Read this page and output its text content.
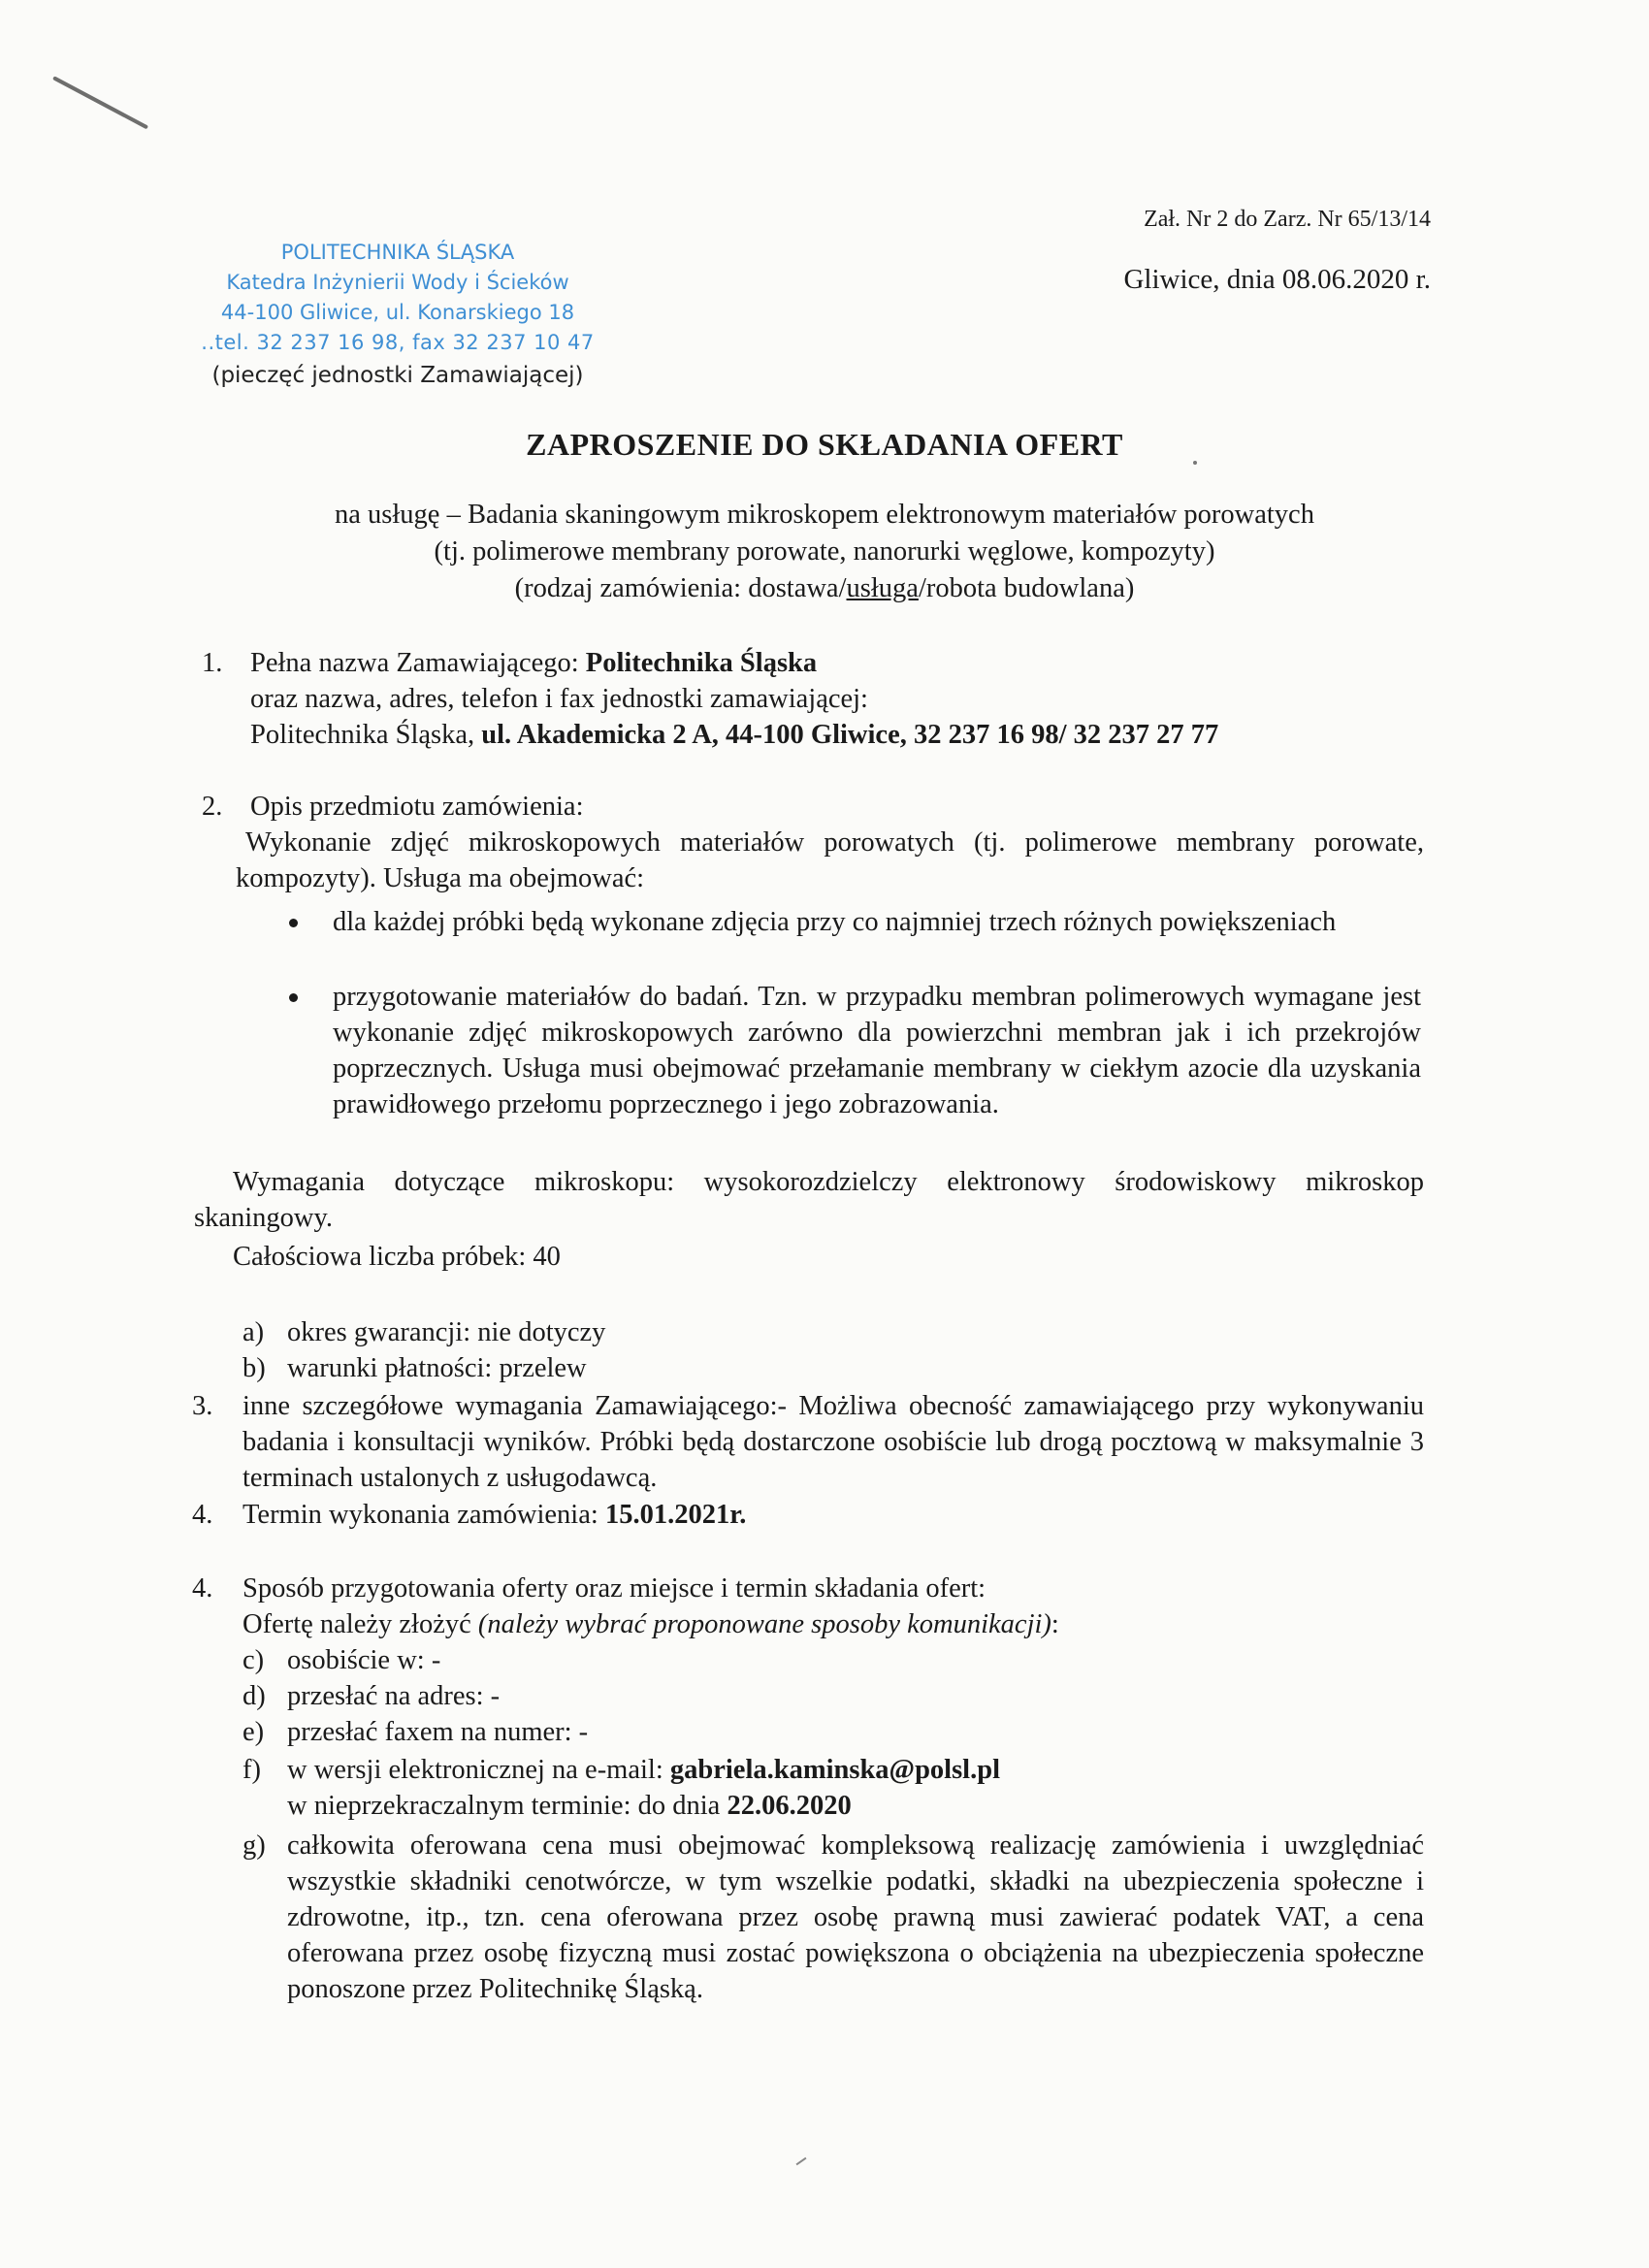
POLITECHNIKA ŚLĄSKA
Katedra Inżynierii Wody i Ścieków
44-100 Gliwice, ul. Konarskiego 18
..tel. 32 237 16 98, fax 32 237 10 47
(pieczęć jednostki Zamawiającej)
Zał. Nr 2 do Zarz. Nr 65/13/14
Gliwice, dnia 08.06.2020 r.
ZAPROSZENIE DO SKŁADANIA OFERT
na usługę – Badania skaningowym mikroskopem elektronowym materiałów porowatych
(tj. polimerowe membrany porowate, nanorurki węglowe, kompozyty)
(rodzaj zamówienia: dostawa/usługa/robota budowlana)
1. Pełna nazwa Zamawiającego: Politechnika Śląska
oraz nazwa, adres, telefon i fax jednostki zamawiającej:
Politechnika Śląska, ul. Akademicka 2 A, 44-100 Gliwice, 32 237 16 98/ 32 237 27 77
2. Opis przedmiotu zamówienia:
Wykonanie zdjęć mikroskopowych materiałów porowatych (tj. polimerowe membrany porowate, kompozyty). Usługa ma obejmować:
dla każdej próbki będą wykonane zdjęcia przy co najmniej trzech różnych powiększeniach
przygotowanie materiałów do badań. Tzn. w przypadku membran polimerowych wymagane jest wykonanie zdjęć mikroskopowych zarówno dla powierzchni membran jak i ich przekrojów poprzecznych. Usługa musi obejmować przełamanie membrany w ciekłym azocie dla uzyskania prawidłowego przełomu poprzecznego i jego zobrazowania.
Wymagania dotyczące mikroskopu: wysokorozdzielczy elektronowy środowiskowy mikroskop skaningowy.
Całościowa liczba próbek: 40
a) okres gwarancji: nie dotyczy
b) warunki płatności: przelew
3. inne szczegółowe wymagania Zamawiającego:- Możliwa obecność zamawiającego przy wykonywaniu badania i konsultacji wyników. Próbki będą dostarczone osobiście lub drogą pocztową w maksymalnie 3 terminach ustalonych z usługodawcą.
4. Termin wykonania zamówienia: 15.01.2021r.
4. Sposób przygotowania oferty oraz miejsce i termin składania ofert:
Ofertę należy złożyć (należy wybrać proponowane sposoby komunikacji):
c) osobiście w: -
d) przesłać na adres: -
e) przesłać faxem na numer: -
f) w wersji elektronicznej na e-mail: gabriela.kaminska@polsl.pl
w nieprzekraczalnym terminie: do dnia 22.06.2020
g) całkowita oferowana cena musi obejmować kompleksową realizację zamówienia i uwzględniać wszystkie składniki cenotwórcze, w tym wszelkie podatki, składki na ubezpieczenia społeczne i zdrowotne, itp., tzn. cena oferowana przez osobę prawną musi zawierać podatek VAT, a cena oferowana przez osobę fizyczną musi zostać powiększona o obciążenia na ubezpieczenia społeczne ponoszone przez Politechnikę Śląską.
